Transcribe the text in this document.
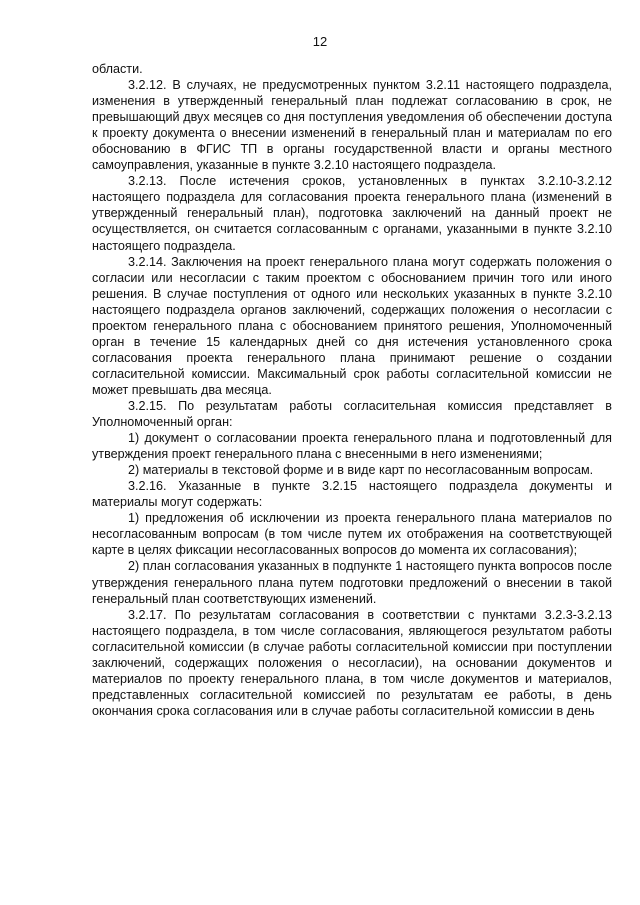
12

области.

3.2.12. В случаях, не предусмотренных пунктом 3.2.11 настоящего подраздела, изменения в утвержденный генеральный план подлежат согласованию в срок, не превышающий двух месяцев со дня поступления уведомления об обеспечении доступа к проекту документа о внесении изменений в генеральный план и материалам по его обоснованию в ФГИС ТП в органы государственной власти и органы местного самоуправления, указанные в пункте 3.2.10 настоящего подраздела.

3.2.13. После истечения сроков, установленных в пунктах 3.2.10-3.2.12 настоящего подраздела для согласования проекта генерального плана (изменений в утвержденный генеральный план), подготовка заключений на данный проект не осуществляется, он считается согласованным с органами, указанными в пункте 3.2.10 настоящего подраздела.

3.2.14. Заключения на проект генерального плана могут содержать положения о согласии или несогласии с таким проектом с обоснованием причин того или иного решения. В случае поступления от одного или нескольких указанных в пункте 3.2.10 настоящего подраздела органов заключений, содержащих положения о несогласии с проектом генерального плана с обоснованием принятого решения, Уполномоченный орган в течение 15 календарных дней со дня истечения установленного срока согласования проекта генерального плана принимают решение о создании согласительной комиссии. Максимальный срок работы согласительной комиссии не может превышать два месяца.

3.2.15. По результатам работы согласительная комиссия представляет в Уполномоченный орган:

1) документ о согласовании проекта генерального плана и подготовленный для утверждения проект генерального плана с внесенными в него изменениями;

2) материалы в текстовой форме и в виде карт по несогласованным вопросам.

3.2.16. Указанные в пункте 3.2.15 настоящего подраздела документы и материалы могут содержать:

1) предложения об исключении из проекта генерального плана материалов по несогласованным вопросам (в том числе путем их отображения на соответствующей карте в целях фиксации несогласованных вопросов до момента их согласования);

2) план согласования указанных в подпункте 1 настоящего пункта вопросов после утверждения генерального плана путем подготовки предложений о внесении в такой генеральный план соответствующих изменений.

3.2.17. По результатам согласования в соответствии с пунктами 3.2.3-3.2.13 настоящего подраздела, в том числе согласования, являющегося результатом работы согласительной комиссии (в случае работы согласительной комиссии при поступлении заключений, содержащих положения о несогласии), на основании документов и материалов по проекту генерального плана, в том числе документов и материалов, представленных согласительной комиссией по результатам ее работы, в день окончания срока согласования или в случае работы согласительной комиссии в день
